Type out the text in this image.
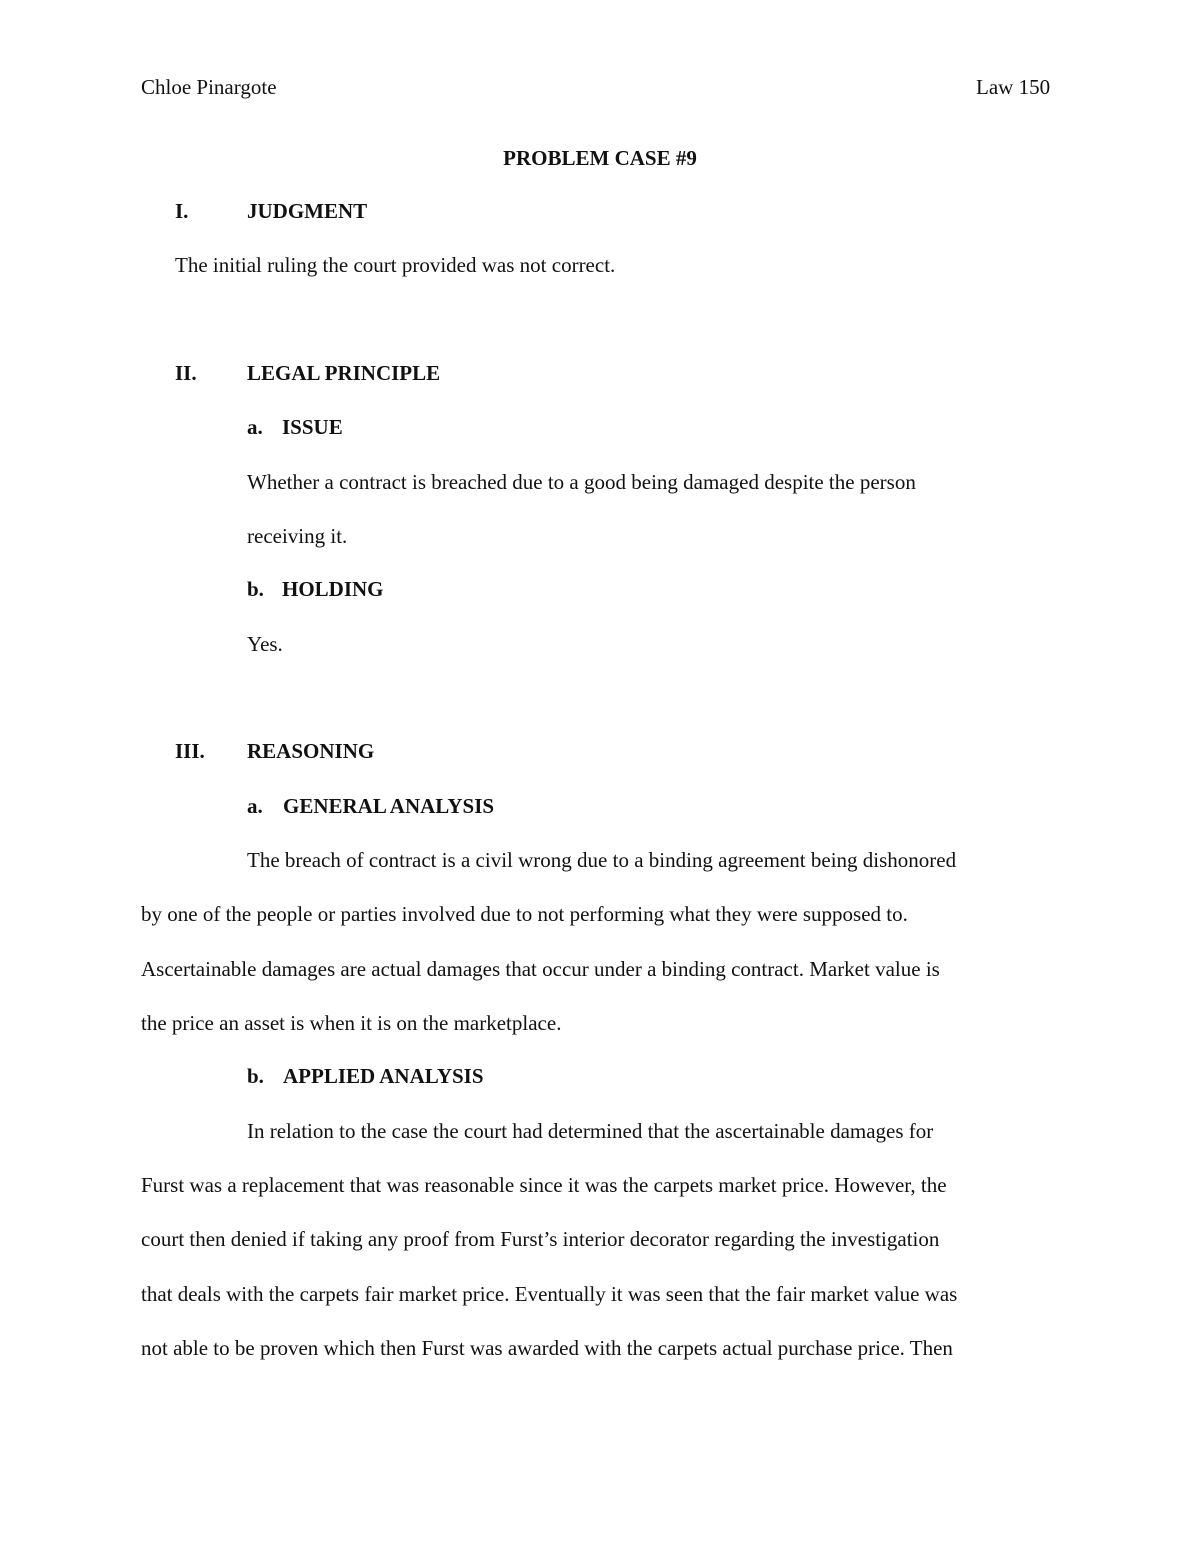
Chloe Pinargote	Law 150
PROBLEM CASE #9
I.	JUDGMENT
The initial ruling the court provided was not correct.
II. LEGAL PRINCIPLE
a. ISSUE
Whether a contract is breached due to a good being damaged despite the person
receiving it.
b. HOLDING
Yes.
III. REASONING
a. GENERAL ANALYSIS
The breach of contract is a civil wrong due to a binding agreement being dishonored
by one of the people or parties involved due to not performing what they were supposed to.
Ascertainable damages are actual damages that occur under a binding contract. Market value is
the price an asset is when it is on the marketplace.
b. APPLIED ANALYSIS
In relation to the case the court had determined that the ascertainable damages for
Furst was a replacement that was reasonable since it was the carpets market price. However, the
court then denied if taking any proof from Furst’s interior decorator regarding the investigation
that deals with the carpets fair market price. Eventually it was seen that the fair market value was
not able to be proven which then Furst was awarded with the carpets actual purchase price. Then
